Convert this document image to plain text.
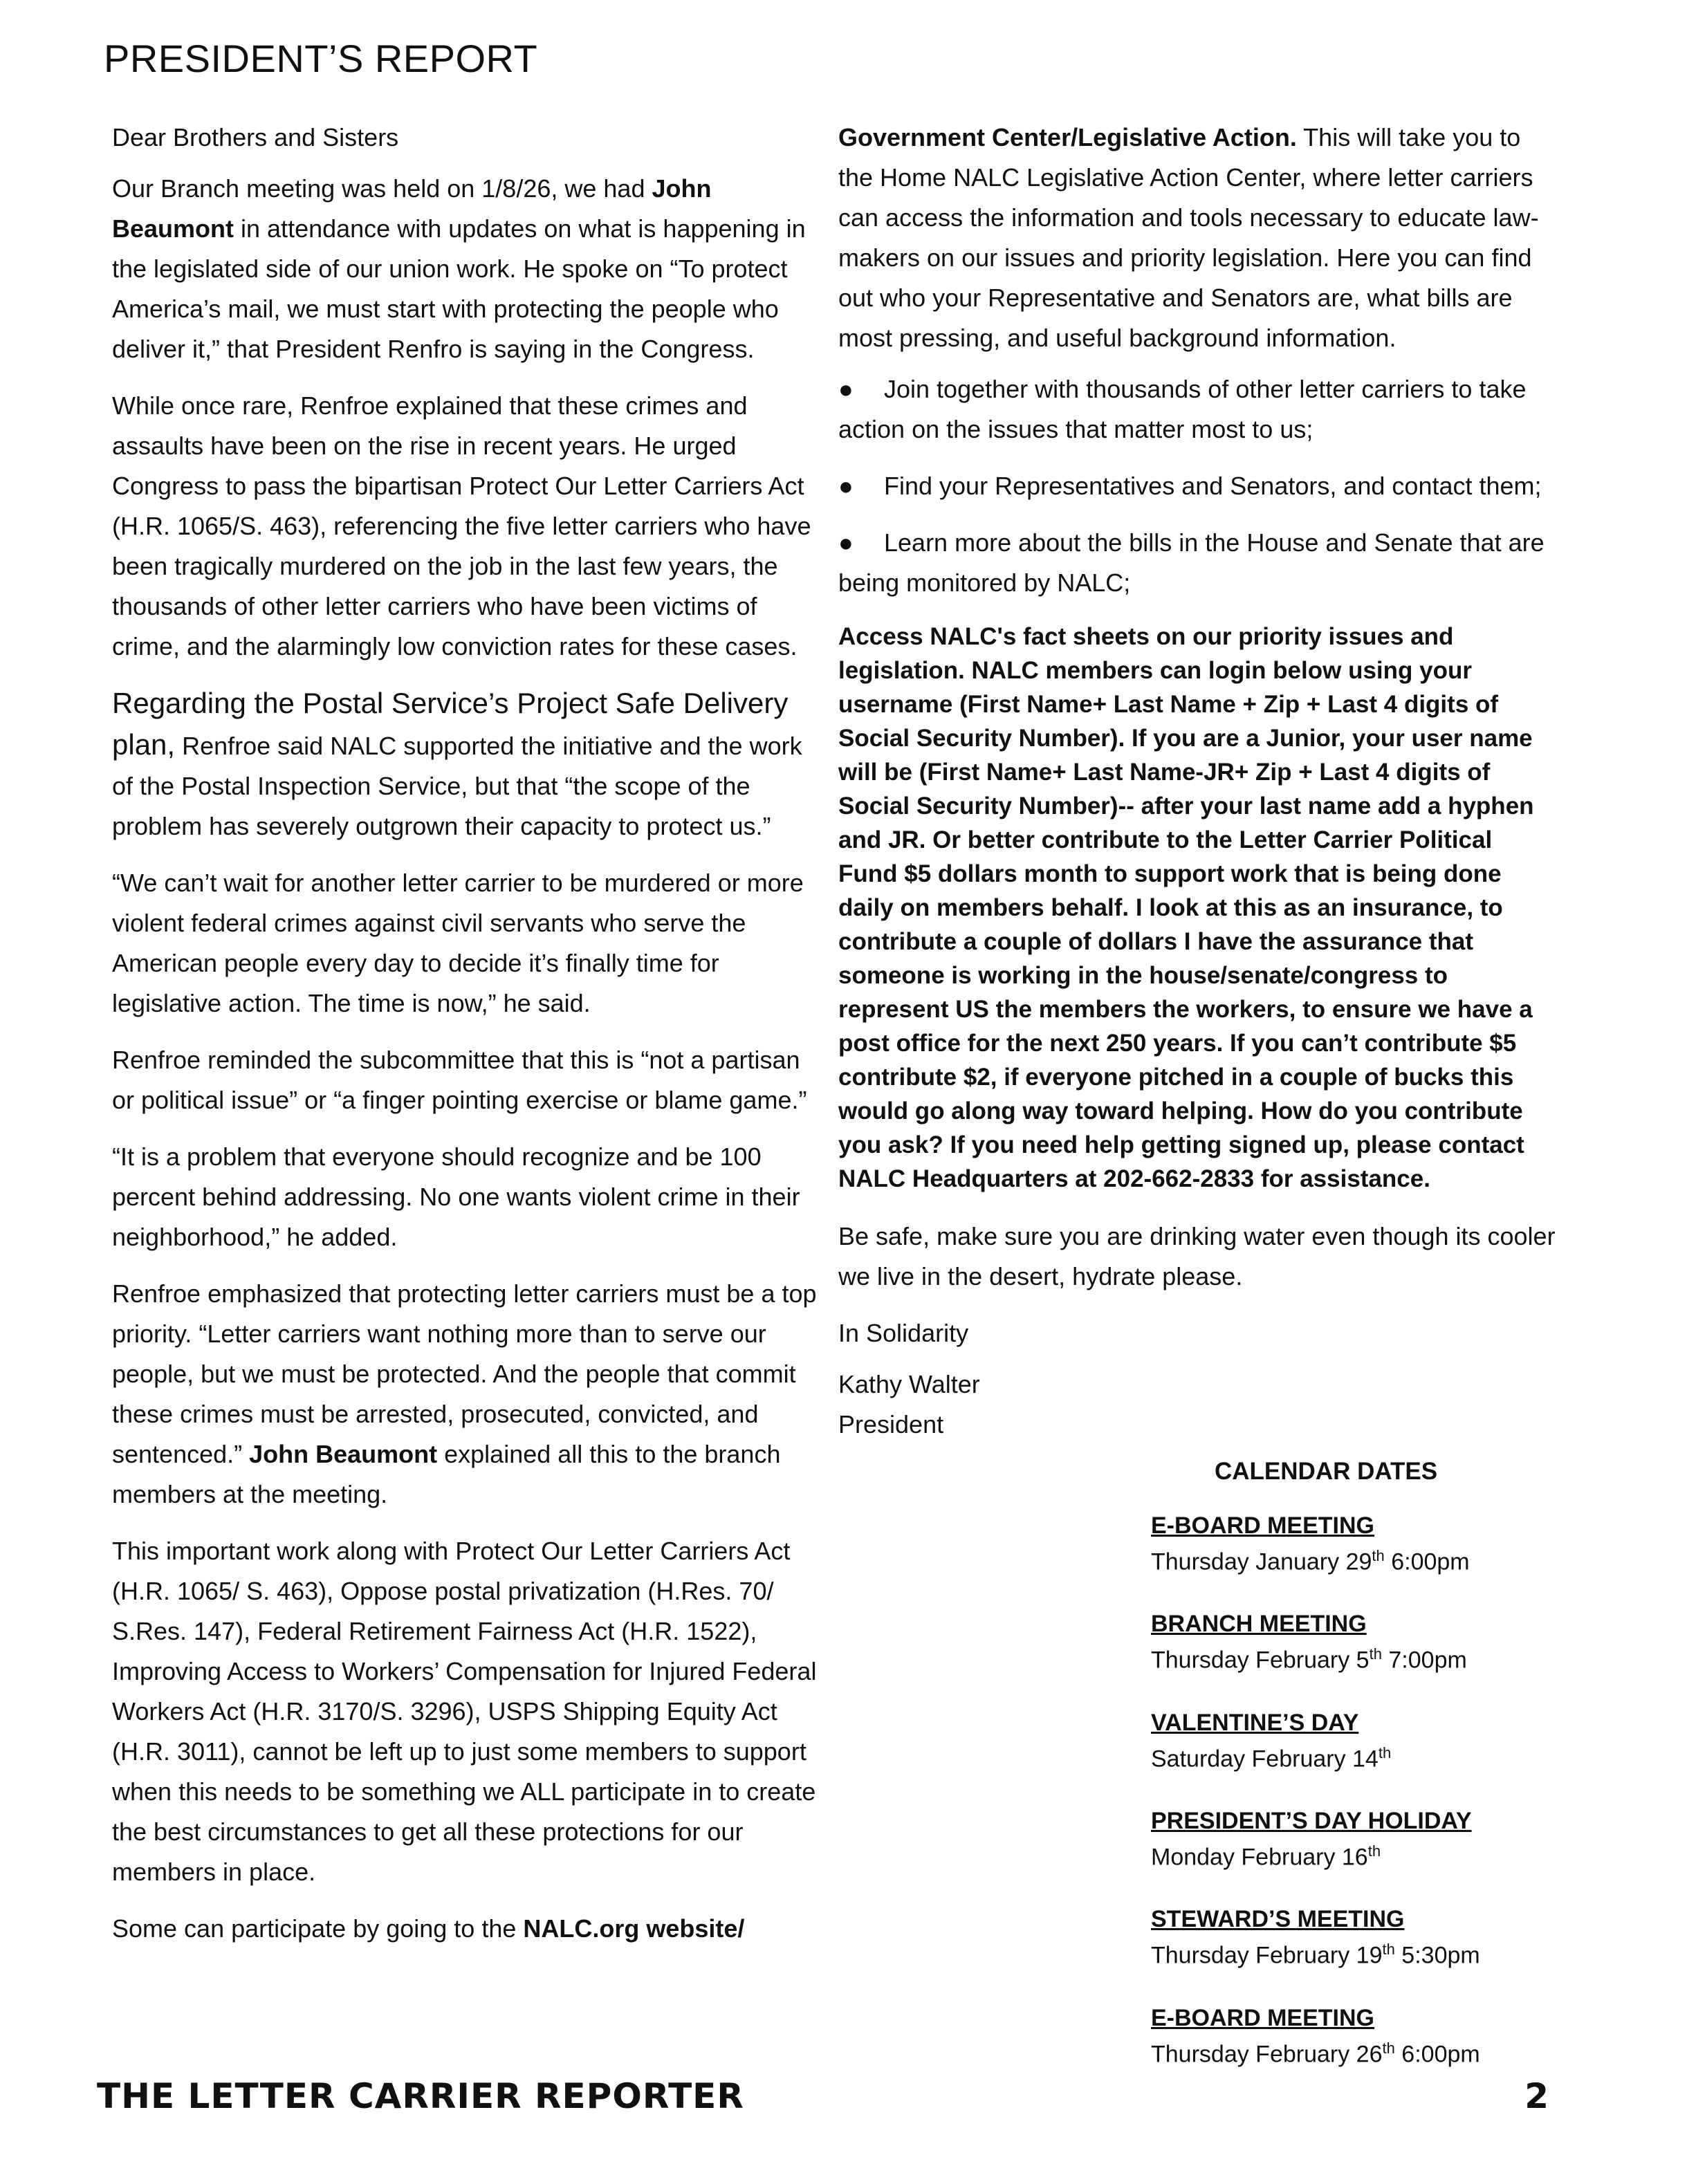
PRESIDENT’S REPORT

Dear Brothers and Sisters

Our Branch meeting was held on 1/8/26, we had John Beaumont in attendance with updates on what is happening in the legislated side of our union work. He spoke on “To protect America’s mail, we must start with protecting the people who deliver it,” that President Renfro is saying in the Congress.

While once rare, Renfroe explained that these crimes and assaults have been on the rise in recent years. He urged Congress to pass the bipartisan Protect Our Letter Carriers Act (H.R. 1065/S. 463), referencing the five letter carriers who have been tragically murdered on the job in the last few years, the thousands of other letter carriers who have been victims of crime, and the alarmingly low conviction rates for these cases.

Regarding the Postal Service’s Project Safe Delivery plan, Renfroe said NALC supported the initiative and the work of the Postal Inspection Service, but that “the scope of the problem has severely outgrown their capacity to protect us.”

“We can’t wait for another letter carrier to be murdered or more violent federal crimes against civil servants who serve the American people every day to decide it’s finally time for legislative action. The time is now,” he said.

Renfroe reminded the subcommittee that this is “not a partisan or political issue” or “a finger pointing exercise or blame game.”

“It is a problem that everyone should recognize and be 100 percent behind addressing. No one wants violent crime in their neighborhood,” he added.

Renfroe emphasized that protecting letter carriers must be a top priority. “Letter carriers want nothing more than to serve our people, but we must be protected. And the people that commit these crimes must be arrested, prosecuted, convicted, and sentenced.” John Beaumont explained all this to the branch members at the meeting.

This important work along with Protect Our Letter Carriers Act (H.R. 1065/ S. 463), Oppose postal privatization (H.Res. 70/ S.Res. 147), Federal Retirement Fairness Act (H.R. 1522), Improving Access to Workers’ Compensation for Injured Federal Workers Act (H.R. 3170/S. 3296), USPS Shipping Equity Act (H.R. 3011), cannot be left up to just some members to support when this needs to be something we ALL participate in to create the best circumstances to get all these protections for our members in place.

Some can participate by going to the NALC.org website/

Government Center/Legislative Action. This will take you to the Home NALC Legislative Action Center, where letter carriers can access the information and tools necessary to educate law-makers on our issues and priority legislation. Here you can find out who your Representative and Senators are, what bills are most pressing, and useful background information.

● Join together with thousands of other letter carriers to take action on the issues that matter most to us;

● Find your Representatives and Senators, and contact them;

● Learn more about the bills in the House and Senate that are being monitored by NALC;

Access NALC's fact sheets on our priority issues and legislation. NALC members can login below using your username (First Name+ Last Name + Zip + Last 4 digits of Social Security Number). If you are a Junior, your user name will be (First Name+ Last Name-JR+ Zip + Last 4 digits of Social Security Number)-- after your last name add a hyphen and JR. Or better contribute to the Letter Carrier Political Fund $5 dollars month to support work that is being done daily on members behalf. I look at this as an insurance, to contribute a couple of dollars I have the assurance that someone is working in the house/senate/congress to represent US the members the workers, to ensure we have a post office for the next 250 years. If you can’t contribute $5 contribute $2, if everyone pitched in a couple of bucks this would go along way toward helping. How do you contribute you ask? If you need help getting signed up, please contact NALC Headquarters at 202-662-2833 for assistance.

Be safe, make sure you are drinking water even though its cooler we live in the desert, hydrate please.

In Solidarity

Kathy Walter

President

CALENDAR DATES
E-BOARD MEETING
Thursday January 29th 6:00pm
BRANCH MEETING
Thursday February 5th 7:00pm
VALENTINE’S DAY
Saturday February 14th
PRESIDENT’S DAY HOLIDAY
Monday February 16th
STEWARD’S MEETING
Thursday February 19th 5:30pm
E-BOARD MEETING
Thursday February 26th 6:00pm

THE LETTER CARRIER REPORTER	2
